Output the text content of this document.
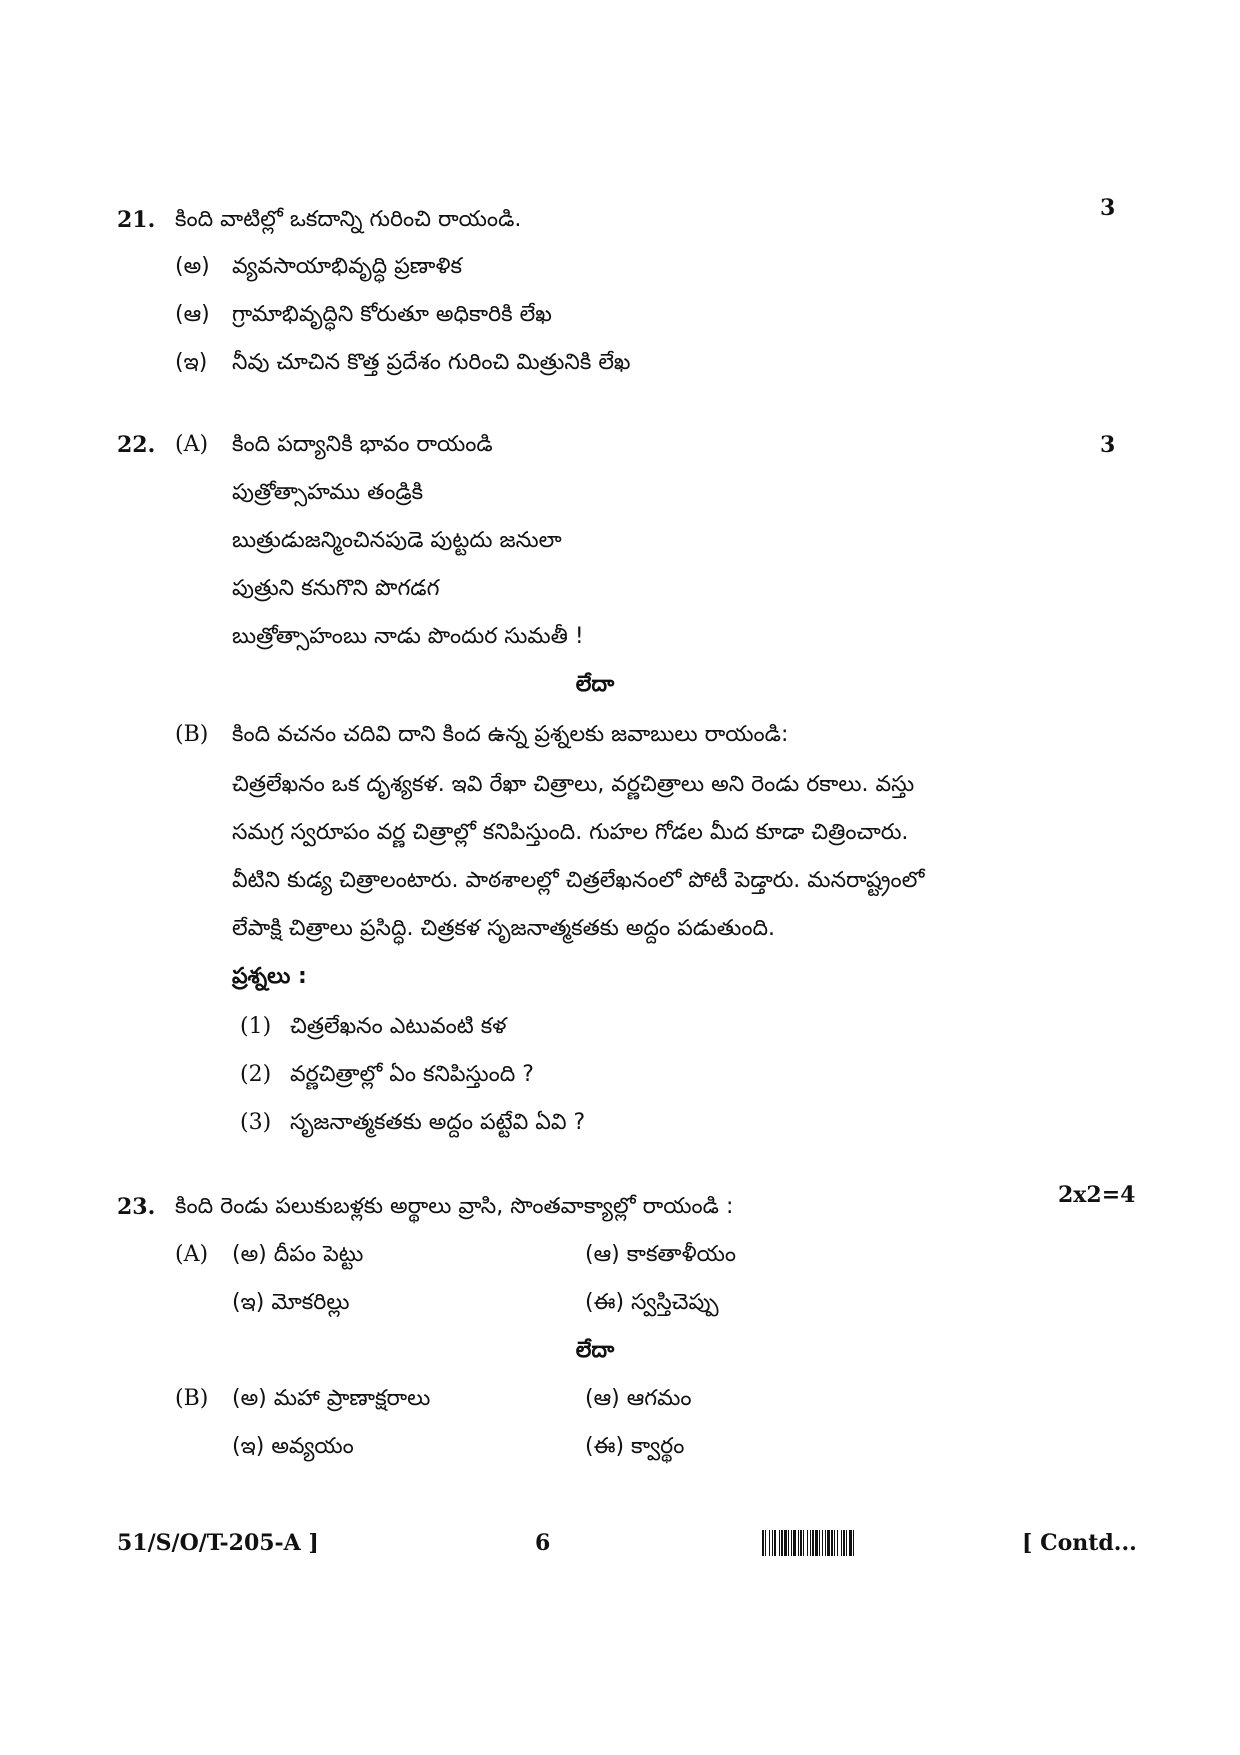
21. కింది వాటిల్లో ఒకదాన్ని గురించి రాయండి.	3
(అ) వ్యవసాయాభివృద్ధి ప్రణాళిక
(ఆ) గ్రామాభివృద్ధిని కోరుతూ అధికారికి లేఖ
(ఇ) నీవు చూచిన కొత్త ప్రదేశం గురించి మిత్రునికి లేఖ
22. (A) కింది పద్యానికి భావం రాయండి	3
పుత్రోత్సాహము తండ్రికి
బుత్రుడుజన్మించినపుడె పుట్టదు జనులా
పుత్రుని కనుగొని పొగడగ
బుత్రోత్సాహంబు నాడు పొందుర సుమతీ !
లేదా
(B) కింది వచనం చదివి దాని కింద ఉన్న ప్రశ్నలకు జవాబులు రాయండి:
చిత్రలేఖనం ఒక దృశ్యకళ. ఇవి రేఖా చిత్రాలు, వర్ణచిత్రాలు అని రెండు రకాలు. వస్తు
సమగ్ర స్వరూపం వర్ణ చిత్రాల్లో కనిపిస్తుంది. గుహల గోడల మీద కూడా చిత్రించారు.
వీటిని కుడ్య చిత్రాలంటారు. పాఠశాలల్లో చిత్రలేఖనంలో పోటీ పెడ్తారు. మనరాష్ట్రంలో
లేపాక్షి చిత్రాలు ప్రసిద్ధి. చిత్రకళ సృజనాత్మకతకు అద్దం పడుతుంది.
ప్రశ్నలు :
(1) చిత్రలేఖనం ఎటువంటి కళ
(2) వర్ణచిత్రాల్లో ఏం కనిపిస్తుంది ?
(3) సృజనాత్మకతకు అద్దం పట్టేవి ఏవి ?
23. కింది రెండు పలుకుబళ్లకు అర్థాలు వ్రాసి, సొంతవాక్యాల్లో రాయండి :	2x2=4
(A) (అ) దీపం పెట్టు	(ఆ) కాకతాళీయం
(ఇ) మోకరిల్లు	(ఈ) స్వస్తిచెప్పు
లేదా
(B) (అ) మహా ప్రాణాక్షరాలు	(ఆ) ఆగమం
(ఇ) అవ్యయం	(ఈ) క్వార్థం
51/S/O/T-205-A ]	6	[ Contd...
